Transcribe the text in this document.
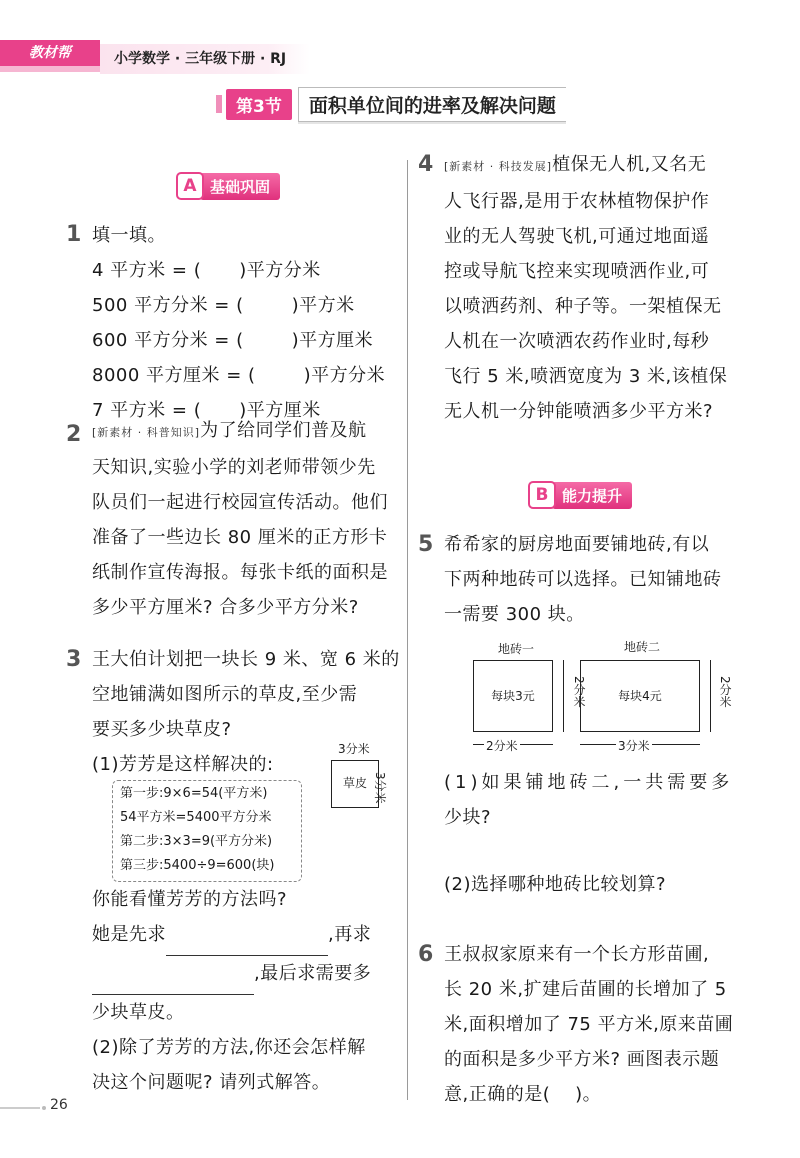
教材帮	小学数学 · 三年级下册 · RJ
第3节	面积单位间的进率及解决问题
A 基础巩固
1 填一填。
4 平方米 = ( )平方分米
500 平方分米 = (	)平方米
600 平方分米 = (	)平方厘米
8000 平方厘米 = (	)平方分米
7 平方米 = ( )平方厘米
2 [新素材 · 科普知识]为了给同学们普及航
天知识,实验小学的刘老师带领少先
队员们一起进行校园宣传活动。他们
准备了一些边长 80 厘米的正方形卡
纸制作宣传海报。每张卡纸的面积是
多少平方厘米? 合多少平方分米?
3 王大伯计划把一块长 9 米、宽 6 米的
空地铺满如图所示的草皮,至少需
要买多少块草皮?
(1)芳芳是这样解决的:
3分米
草皮 3分米
第一步:9×6=54(平方米)
54平方米=5400平方分米
第二步:3×3=9(平方分米)
第三步:5400÷9=600(块)
你能看懂芳芳的方法吗?
她是先求	,再求
,最后求需要多
少块草皮。
(2)除了芳芳的方法,你还会怎样解
决这个问题呢? 请列式解答。
4 [新素材 · 科技发展]植保无人机,又名无
人飞行器,是用于农林植物保护作
业的无人驾驶飞机,可通过地面遥
控或导航飞控来实现喷洒作业,可
以喷洒药剂、种子等。一架植保无
人机在一次喷洒农药作业时,每秒
飞行 5 米,喷洒宽度为 3 米,该植保
无人机一分钟能喷洒多少平方米?
B 能力提升
5 希希家的厨房地面要铺地砖,有以
下两种地砖可以选择。已知铺地砖
一需要 300 块。
地砖一
每块3元	2分米
2分米
地砖二
每块4元	2分米
3分米
(1)如果铺地砖二,一共需要多
少块?
(2)选择哪种地砖比较划算?
6 王叔叔家原来有一个长方形苗圃,
长 20 米,扩建后苗圃的长增加了 5
米,面积增加了 75 平方米,原来苗圃
的面积是多少平方米? 画图表示题
意,正确的是(    )。
26
